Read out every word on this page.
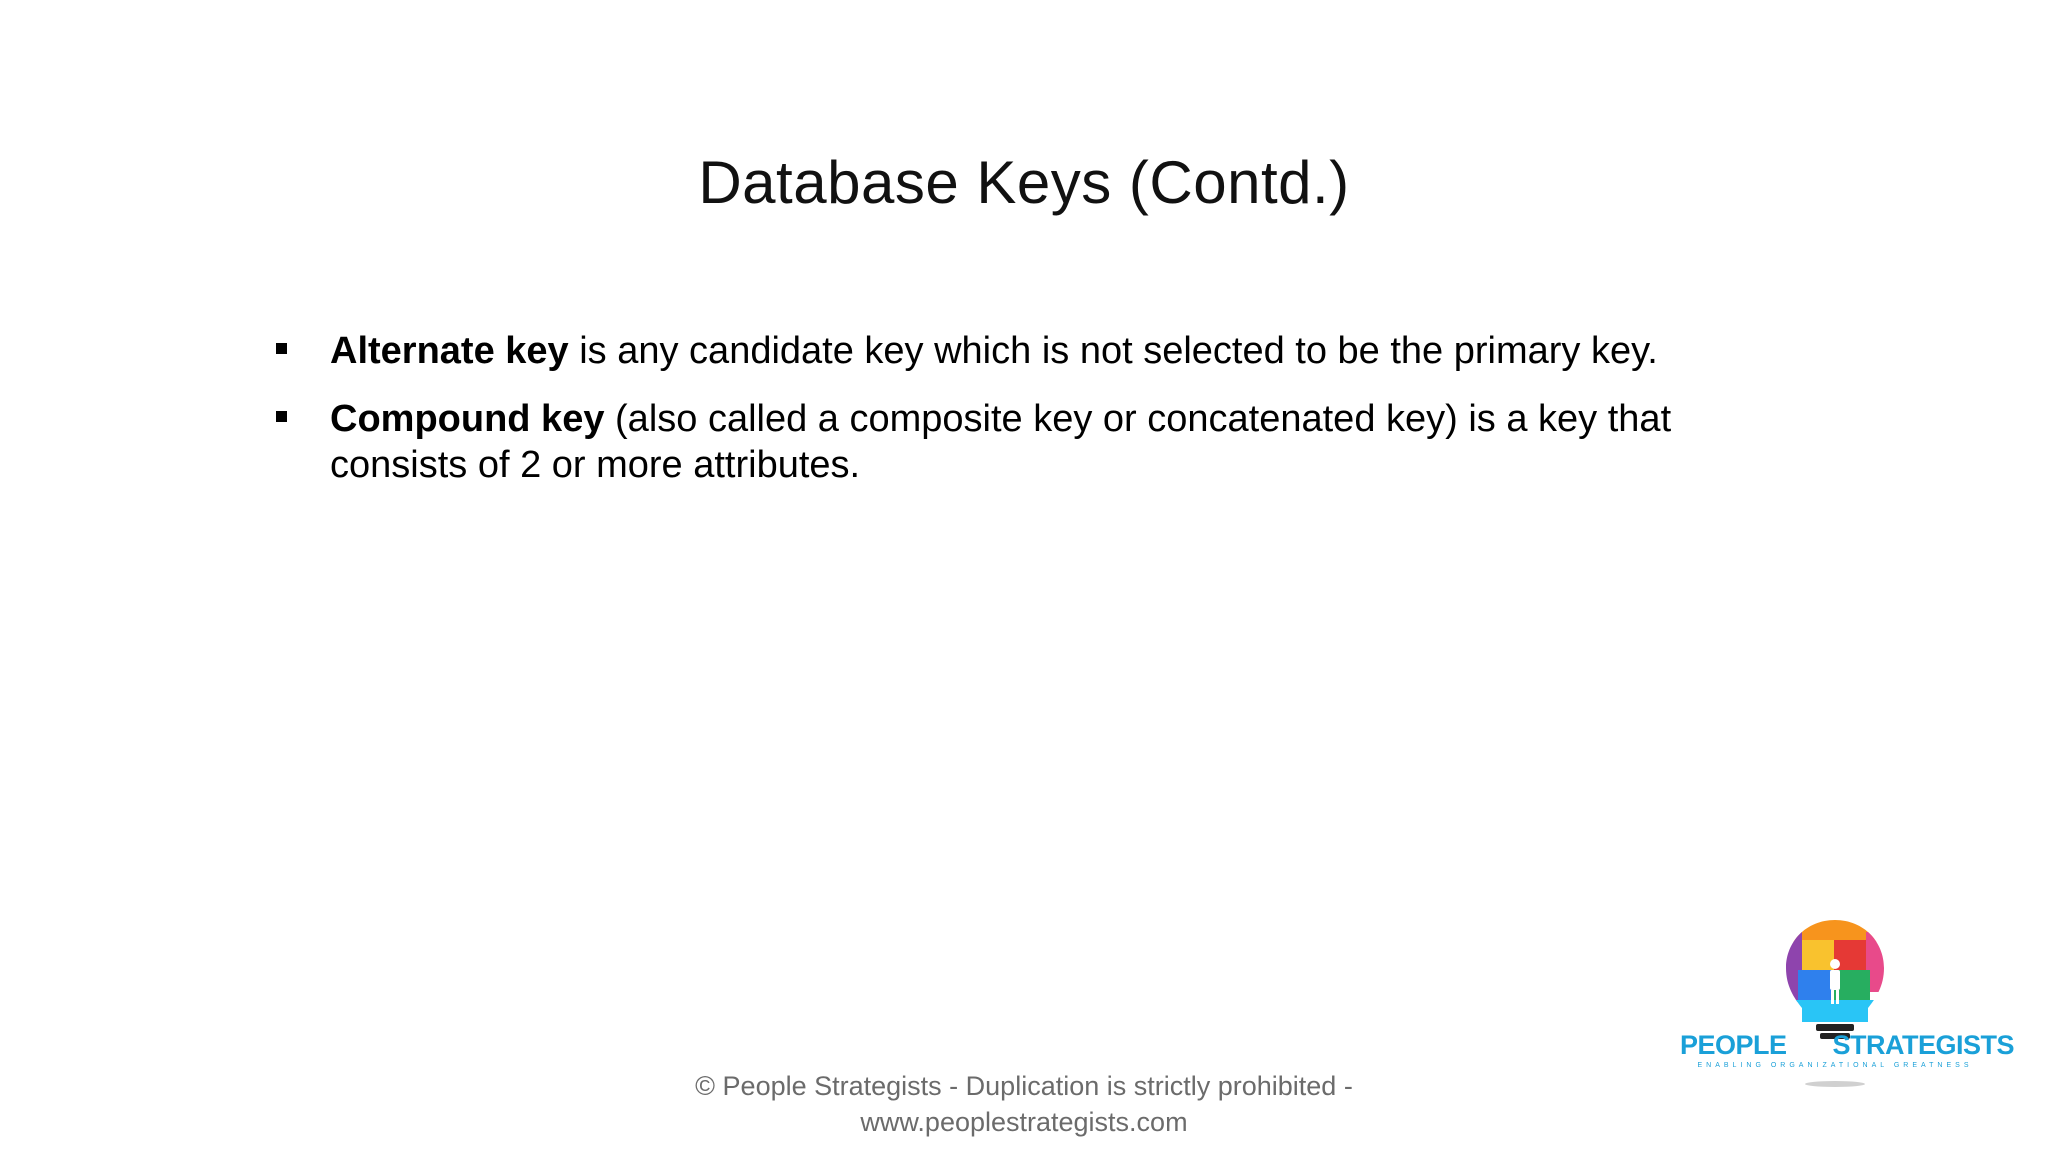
Database Keys (Contd.)
Alternate key is any candidate key which is not selected to be the primary key.
Compound key (also called a composite key or concatenated key) is a key that consists of 2 or more attributes.
© People Strategists - Duplication is strictly prohibited -
www.peoplestrategists.com
PEOPLE STRATEGISTS
ENABLING ORGANIZATIONAL GREATNESS
